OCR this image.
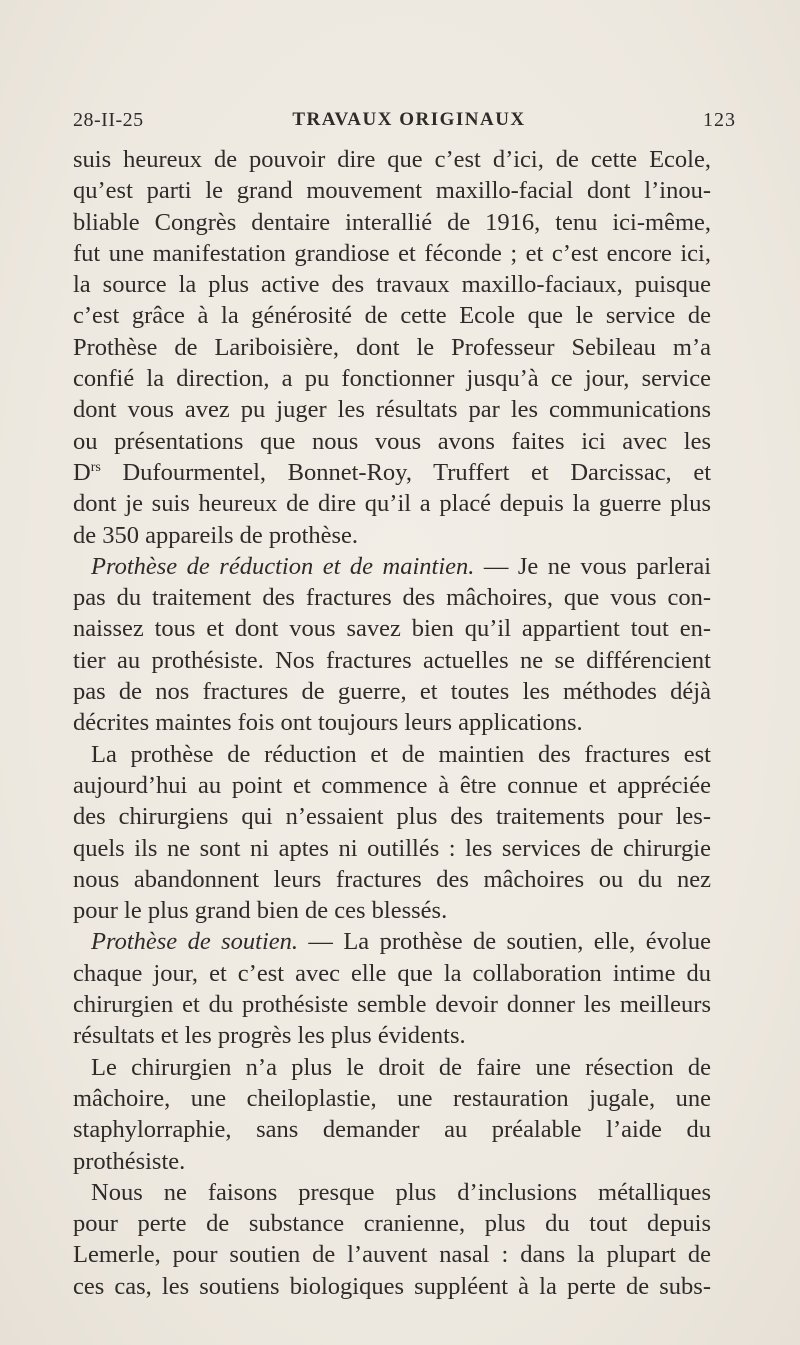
28-II-25	TRAVAUX ORIGINAUX	123
suis heureux de pouvoir dire que c’est d’ici, de cette Ecole,
qu’est parti le grand mouvement maxillo-facial dont l’inou-
bliable Congrès dentaire interallié de 1916, tenu ici-même,
fut une manifestation grandiose et féconde ; et c’est encore ici,
la source la plus active des travaux maxillo-faciaux, puisque
c’est grâce à la générosité de cette Ecole que le service de
Prothèse de Lariboisière, dont le Professeur Sebileau m’a
confié la direction, a pu fonctionner jusqu’à ce jour, service
dont vous avez pu juger les résultats par les communications
ou présentations que nous vous avons faites ici avec les
$D^{rs}$ Dufourmentel, Bonnet-Roy, Truffert et Darcissac, et
dont je suis heureux de dire qu’il a placé depuis la guerre plus
de 350 appareils de prothèse.
Prothèse de réduction et de maintien. — Je ne vous parlerai
pas du traitement des fractures des mâchoires, que vous con-
naissez tous et dont vous savez bien qu’il appartient tout en-
tier au prothésiste. Nos fractures actuelles ne se différencient
pas de nos fractures de guerre, et toutes les méthodes déjà
décrites maintes fois ont toujours leurs applications.
La prothèse de réduction et de maintien des fractures est
aujourd’hui au point et commence à être connue et appréciée
des chirurgiens qui n’essaient plus des traitements pour les-
quels ils ne sont ni aptes ni outillés : les services de chirurgie
nous abandonnent leurs fractures des mâchoires ou du nez
pour le plus grand bien de ces blessés.
Prothèse de soutien. — La prothèse de soutien, elle, évolue
chaque jour, et c’est avec elle que la collaboration intime du
chirurgien et du prothésiste semble devoir donner les meilleurs
résultats et les progrès les plus évidents.
Le chirurgien n’a plus le droit de faire une résection de
mâchoire, une cheiloplastie, une restauration jugale, une
staphylorraphie, sans demander au préalable l’aide du
prothésiste.
Nous ne faisons presque plus d’inclusions métalliques
pour perte de substance cranienne, plus du tout depuis
Lemerle, pour soutien de l’auvent nasal : dans la plupart de
ces cas, les soutiens biologiques suppléent à la perte de subs-
